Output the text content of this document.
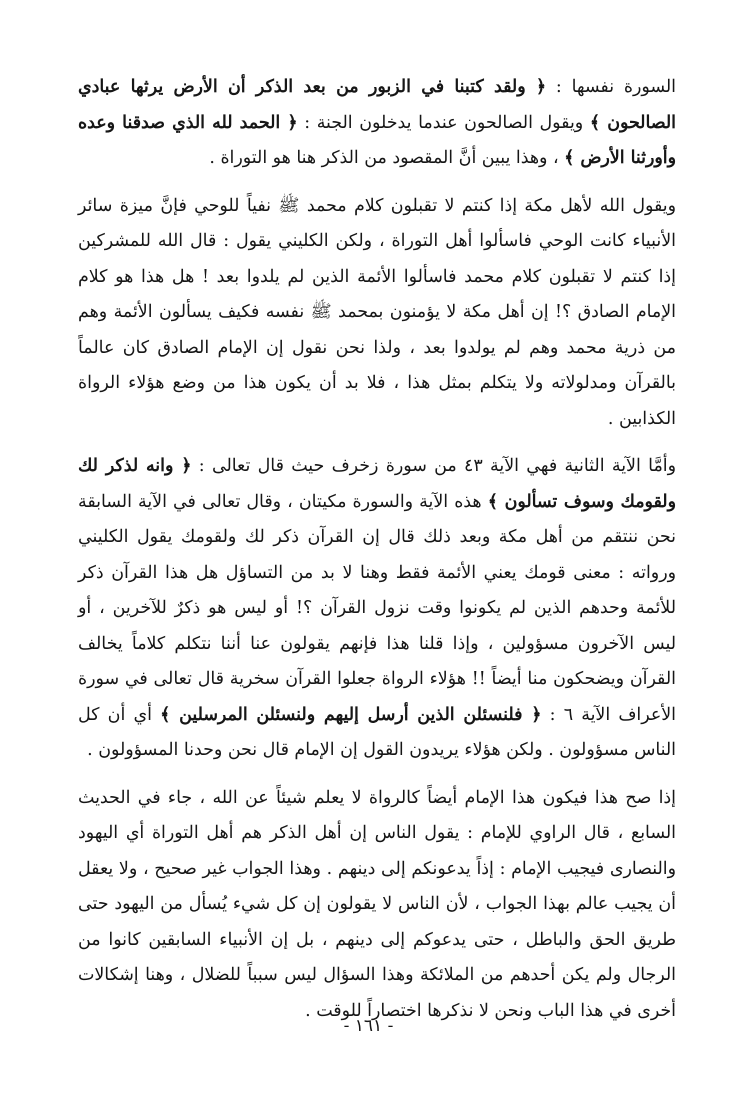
السورة نفسها : ﴿ ولقد كتبنا في الزبور من بعد الذكر أن الأرض يرثها عبادي الصالحون ﴾ ويقول الصالحون عندما يدخلون الجنة : ﴿ الحمد لله الذي صدقنا وعده وأورثنا الأرض ﴾ ، وهذا يبين أنَّ المقصود من الذكر هنا هو التوراة .

ويقول الله لأهل مكة إذا كنتم لا تقبلون كلام محمد ﷺ نفياً للوحي فإنَّ ميزة سائر الأنبياء كانت الوحي فاسألوا أهل التوراة ، ولكن الكليني يقول : قال الله للمشركين إذا كنتم لا تقبلون كلام محمد فاسألوا الأئمة الذين لم يلدوا بعد ! هل هذا هو كلام الإمام الصادق ؟! إن أهل مكة لا يؤمنون بمحمد ﷺ نفسه فكيف يسألون الأئمة وهم من ذرية محمد وهم لم يولدوا بعد ، ولذا نحن نقول إن الإمام الصادق كان عالماً بالقرآن ومدلولاته ولا يتكلم بمثل هذا ، فلا بد أن يكون هذا من وضع هؤلاء الرواة الكذابين .

وأمَّا الآية الثانية فهي الآية ٤٣ من سورة زخرف حيث قال تعالى : ﴿ وانه لذكر لك ولقومك وسوف تسألون ﴾ هذه الآية والسورة مكيتان ، وقال تعالى في الآية السابقة نحن ننتقم من أهل مكة وبعد ذلك قال إن القرآن ذكر لك ولقومك يقول الكليني ورواته : معنى قومك يعني الأئمة فقط وهنا لا بد من التساؤل هل هذا القرآن ذكر للأئمة وحدهم الذين لم يكونوا وقت نزول القرآن ؟! أو ليس هو ذكرٌ للآخرين ، أو ليس الآخرون مسؤولين ، وإذا قلنا هذا فإنهم يقولون عنا أننا نتكلم كلاماً يخالف القرآن ويضحكون منا أيضاً !! هؤلاء الرواة جعلوا القرآن سخرية قال تعالى في سورة الأعراف الآية ٦ : ﴿ فلنسئلن الذين أرسل إليهم ولنسئلن المرسلين ﴾ أي أن كل الناس مسؤولون . ولكن هؤلاء يريدون القول إن الإمام قال نحن وحدنا المسؤولون .

إذا صح هذا فيكون هذا الإمام أيضاً كالرواة لا يعلم شيئاً عن الله ، جاء في الحديث السابع ، قال الراوي للإمام : يقول الناس إن أهل الذكر هم أهل التوراة أي اليهود والنصارى فيجيب الإمام : إذاً يدعونكم إلى دينهم . وهذا الجواب غير صحيح ، ولا يعقل أن يجيب عالم بهذا الجواب ، لأن الناس لا يقولون إن كل شيء يُسأل من اليهود حتى طريق الحق والباطل ، حتى يدعوكم إلى دينهم ، بل إن الأنبياء السابقين كانوا من الرجال ولم يكن أحدهم من الملائكة وهذا السؤال ليس سبباً للضلال ، وهنا إشكالات أخرى في هذا الباب ونحن لا نذكرها اختصاراً للوقت .

- ١٦١ -
